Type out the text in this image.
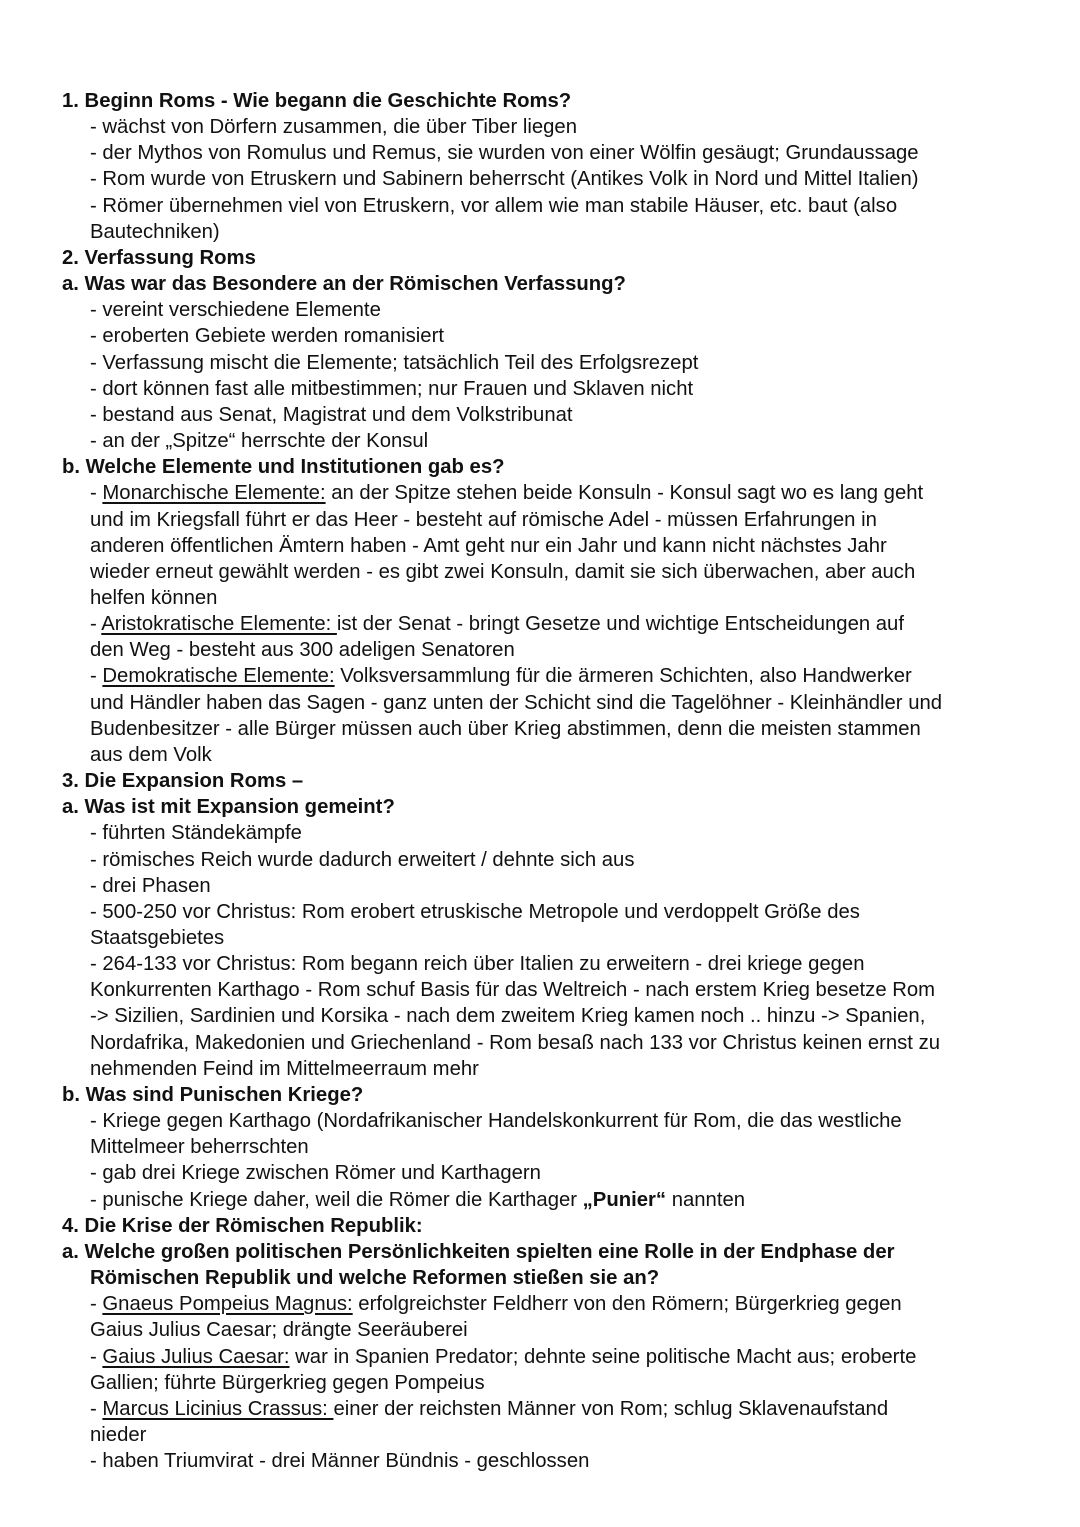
1. Beginn Roms - Wie begann die Geschichte Roms?
- wächst von Dörfern zusammen, die über Tiber liegen
- der Mythos von Romulus und Remus, sie wurden von einer Wölfin gesäugt; Grundaussage
- Rom wurde von Etruskern und Sabinern beherrscht (Antikes Volk in Nord und Mittel Italien)
- Römer übernehmen viel von Etruskern, vor allem wie man stabile Häuser, etc. baut (also
Bautechniken)
2. Verfassung Roms
a. Was war das Besondere an der Römischen Verfassung?
- vereint verschiedene Elemente
- eroberten Gebiete werden romanisiert
- Verfassung mischt die Elemente; tatsächlich Teil des Erfolgsrezept
- dort können fast alle mitbestimmen; nur Frauen und Sklaven nicht
- bestand aus Senat, Magistrat und dem Volkstribunat
- an der „Spitze“ herrschte der Konsul
b. Welche Elemente und Institutionen gab es?
- Monarchische Elemente: an der Spitze stehen beide Konsuln - Konsul sagt wo es lang geht
und im Kriegsfall führt er das Heer - besteht auf römische Adel - müssen Erfahrungen in
anderen öffentlichen Ämtern haben - Amt geht nur ein Jahr und kann nicht nächstes Jahr
wieder erneut gewählt werden - es gibt zwei Konsuln, damit sie sich überwachen, aber auch
helfen können
- Aristokratische Elemente: ist der Senat - bringt Gesetze und wichtige Entscheidungen auf
den Weg - besteht aus 300 adeligen Senatoren
- Demokratische Elemente: Volksversammlung für die ärmeren Schichten, also Handwerker
und Händler haben das Sagen - ganz unten der Schicht sind die Tagelöhner - Kleinhändler und
Budenbesitzer - alle Bürger müssen auch über Krieg abstimmen, denn die meisten stammen
aus dem Volk
3. Die Expansion Roms –
a. Was ist mit Expansion gemeint?
- führten Ständekämpfe
- römisches Reich wurde dadurch erweitert / dehnte sich aus
- drei Phasen
- 500-250 vor Christus: Rom erobert etruskische Metropole und verdoppelt Größe des
Staatsgebietes
- 264-133 vor Christus: Rom begann reich über Italien zu erweitern - drei kriege gegen
Konkurrenten Karthago - Rom schuf Basis für das Weltreich - nach erstem Krieg besetze Rom
-> Sizilien, Sardinien und Korsika - nach dem zweitem Krieg kamen noch .. hinzu -> Spanien,
Nordafrika, Makedonien und Griechenland - Rom besaß nach 133 vor Christus keinen ernst zu
nehmenden Feind im Mittelmeerraum mehr
b. Was sind Punischen Kriege?
- Kriege gegen Karthago (Nordafrikanischer Handelskonkurrent für Rom, die das westliche
Mittelmeer beherrschten
- gab drei Kriege zwischen Römer und Karthagern
- punische Kriege daher, weil die Römer die Karthager „Punier“ nannten
4. Die Krise der Römischen Republik:
a. Welche großen politischen Persönlichkeiten spielten eine Rolle in der Endphase der
Römischen Republik und welche Reformen stießen sie an?
- Gnaeus Pompeius Magnus: erfolgreichster Feldherr von den Römern; Bürgerkrieg gegen
Gaius Julius Caesar; drängte Seeräuberei
- Gaius Julius Caesar: war in Spanien Predator; dehnte seine politische Macht aus; eroberte
Gallien; führte Bürgerkrieg gegen Pompeius
- Marcus Licinius Crassus: einer der reichsten Männer von Rom; schlug Sklavenaufstand
nieder
- haben Triumvirat - drei Männer Bündnis - geschlossen
